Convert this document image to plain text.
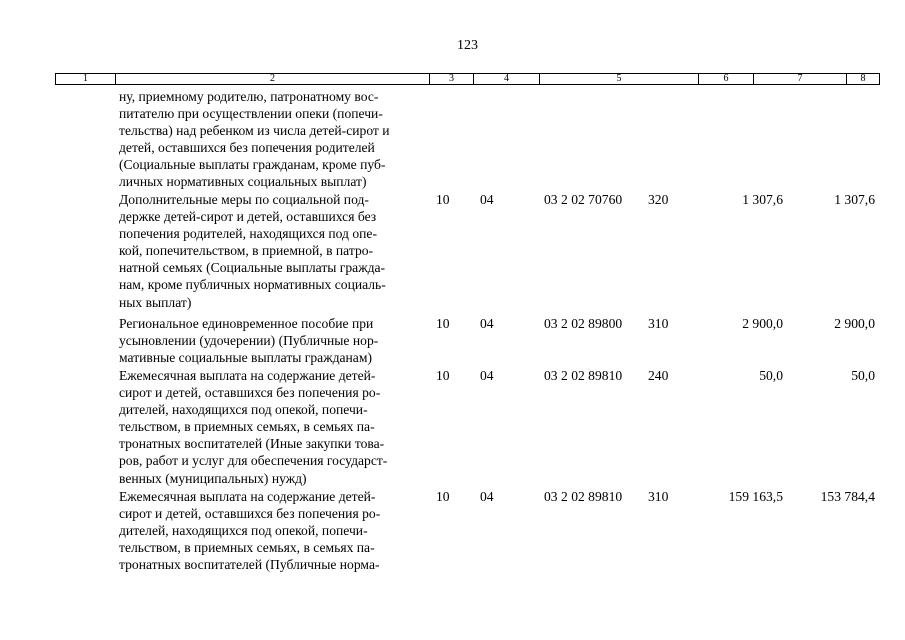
123
1	2	3	4	5	6	7	8
ну, приемному родителю, патронатному вос-
питателю при осуществлении опеки (попечи-
тельства) над ребенком из числа детей-сирот и
детей, оставшихся без попечения родителей
(Социальные выплаты гражданам, кроме пуб-
личных нормативных социальных выплат)
Дополнительные меры по социальной под-
держке детей-сирот и детей, оставшихся без
попечения родителей, находящихся под опе-
кой, попечительством, в приемной, в патро-
натной семьях (Социальные выплаты гражда-
нам, кроме публичных нормативных социаль-
ных выплат)
10 04	03 2 02 70760 320	1 307,6	1 307,6
Региональное единовременное пособие при
усыновлении (удочерении) (Публичные нор-
мативные социальные выплаты гражданам)
10 04	03 2 02 89800 310	2 900,0	2 900,0
Ежемесячная выплата на содержание детей-
сирот и детей, оставшихся без попечения ро-
дителей, находящихся под опекой, попечи-
тельством, в приемных семьях, в семьях па-
тронатных воспитателей (Иные закупки това-
ров, работ и услуг для обеспечения государст-
венных (муниципальных) нужд)
10 04	03 2 02 89810 240	50,0	50,0
Ежемесячная выплата на содержание детей-
сирот и детей, оставшихся без попечения ро-
дителей, находящихся под опекой, попечи-
тельством, в приемных семьях, в семьях па-
тронатных воспитателей (Публичные норма-
10 04	03 2 02 89810 310	159 163,5	153 784,4
